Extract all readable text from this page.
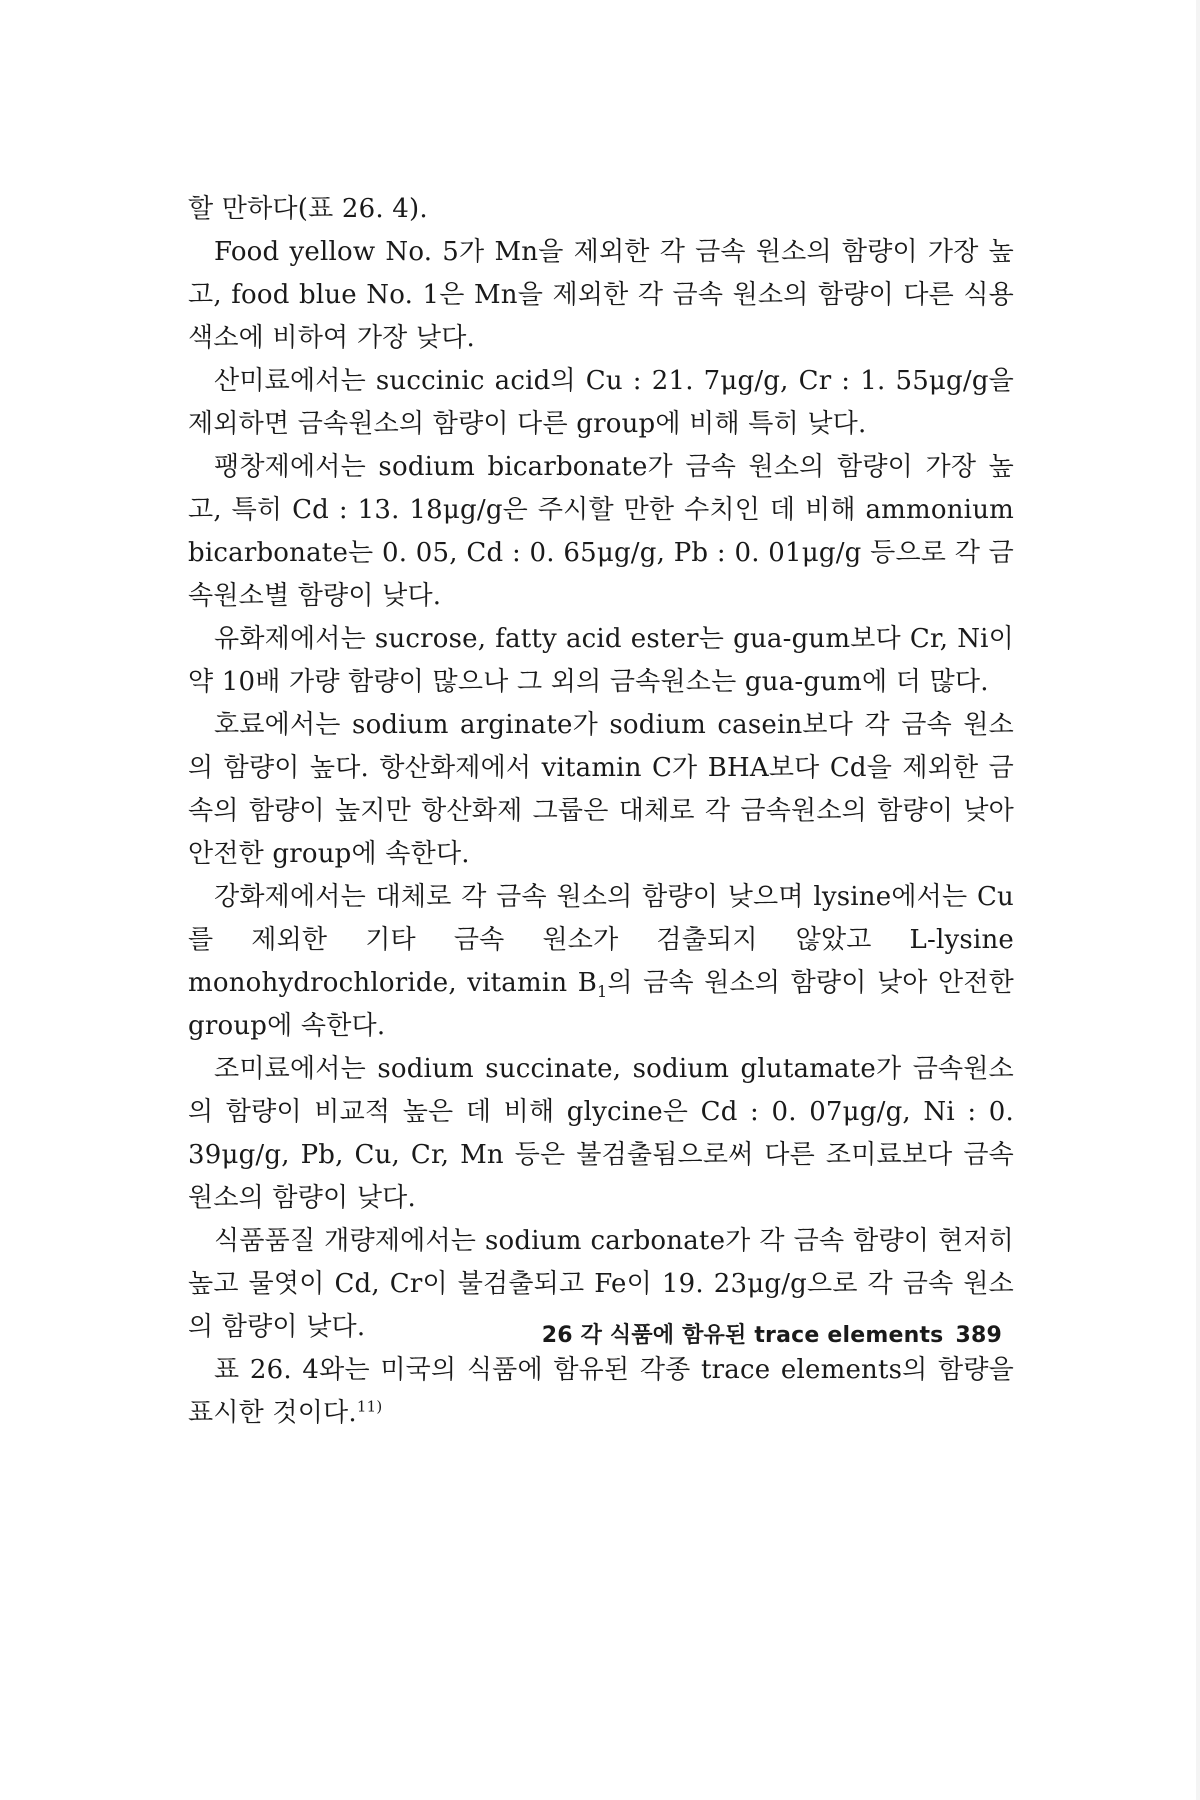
할 만하다(표 26. 4).

Food yellow No. 5가 Mn을 제외한 각 금속 원소의 함량이 가장 높고, food blue No. 1은 Mn을 제외한 각 금속 원소의 함량이 다른 식용색소에 비하여 가장 낮다.

산미료에서는 succinic acid의 Cu : 21. 7μg/g, Cr : 1. 55μg/g을 제외하면 금속원소의 함량이 다른 group에 비해 특히 낮다.

팽창제에서는 sodium bicarbonate가 금속 원소의 함량이 가장 높고, 특히 Cd : 13. 18μg/g은 주시할 만한 수치인 데 비해 ammonium bicarbonate는 0. 05, Cd : 0. 65μg/g, Pb : 0. 01μg/g 등으로 각 금속원소별 함량이 낮다.

유화제에서는 sucrose, fatty acid ester는 gua-gum보다 Cr, Ni이 약 10배 가량 함량이 많으나 그 외의 금속원소는 gua-gum에 더 많다.

호료에서는 sodium arginate가 sodium casein보다 각 금속 원소의 함량이 높다. 항산화제에서 vitamin C가 BHA보다 Cd을 제외한 금속의 함량이 높지만 항산화제 그룹은 대체로 각 금속원소의 함량이 낮아 안전한 group에 속한다.

강화제에서는 대체로 각 금속 원소의 함량이 낮으며 lysine에서는 Cu를 제외한 기타 금속 원소가 검출되지 않았고 L-lysine monohydrochloride, vitamin $B_1$의 금속 원소의 함량이 낮아 안전한 group에 속한다.

조미료에서는 sodium succinate, sodium glutamate가 금속원소의 함량이 비교적 높은 데 비해 glycine은 Cd : 0. 07μg/g, Ni : 0. 39μg/g, Pb, Cu, Cr, Mn 등은 불검출됨으로써 다른 조미료보다 금속원소의 함량이 낮다.

식품품질 개량제에서는 sodium carbonate가 각 금속 함량이 현저히 높고 물엿이 Cd, Cr이 불검출되고 Fe이 19. 23μg/g으로 각 금속 원소의 함량이 낮다.

표 26. 4와는 미국의 식품에 함유된 각종 trace elements의 함량을 표시한 것이다.$^{11)}$

26 각 식품에 함유된 trace elements 389
